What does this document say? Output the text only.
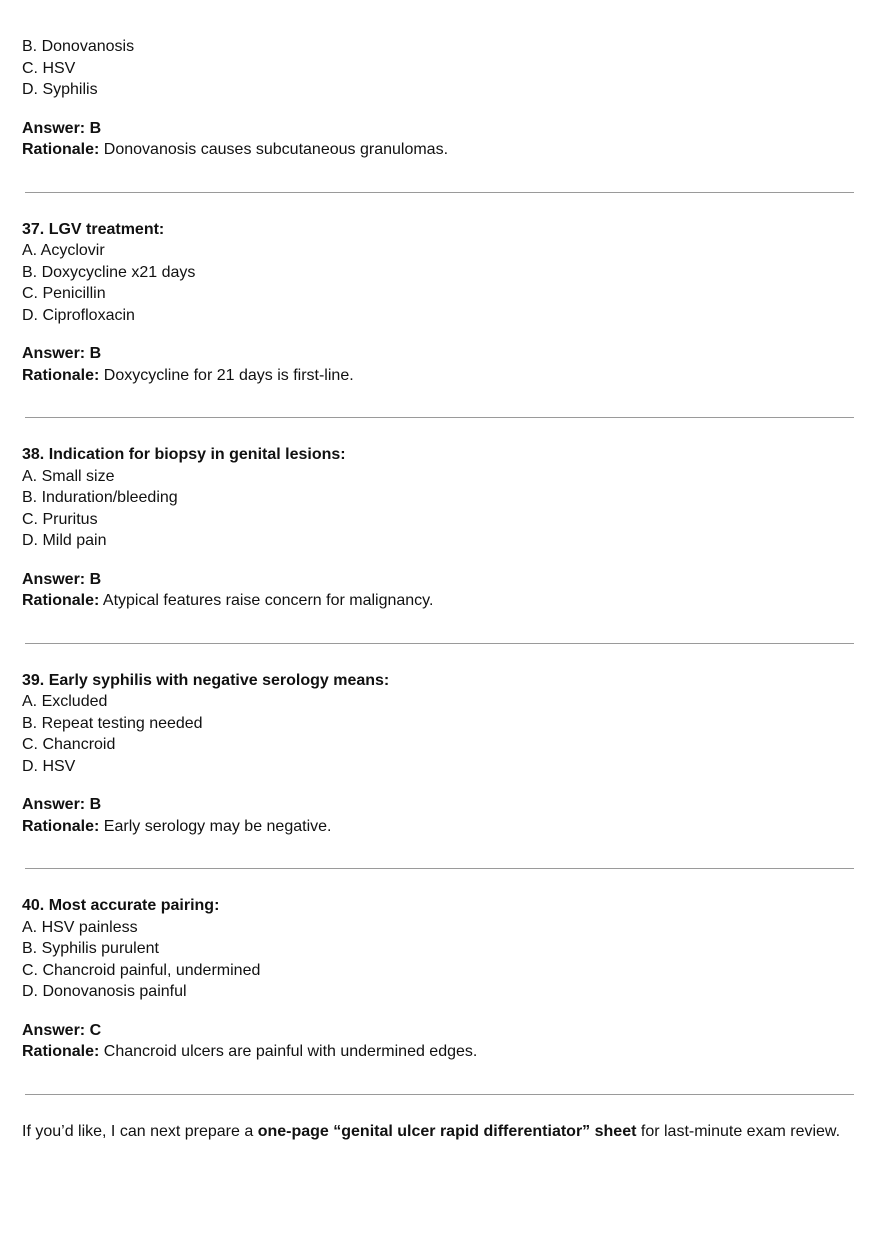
B. Donovanosis
C. HSV
D. Syphilis
Answer: B
Rationale: Donovanosis causes subcutaneous granulomas.
37. LGV treatment:
A. Acyclovir
B. Doxycycline x21 days
C. Penicillin
D. Ciprofloxacin
Answer: B
Rationale: Doxycycline for 21 days is first-line.
38. Indication for biopsy in genital lesions:
A. Small size
B. Induration/bleeding
C. Pruritus
D. Mild pain
Answer: B
Rationale: Atypical features raise concern for malignancy.
39. Early syphilis with negative serology means:
A. Excluded
B. Repeat testing needed
C. Chancroid
D. HSV
Answer: B
Rationale: Early serology may be negative.
40. Most accurate pairing:
A. HSV painless
B. Syphilis purulent
C. Chancroid painful, undermined
D. Donovanosis painful
Answer: C
Rationale: Chancroid ulcers are painful with undermined edges.
If you’d like, I can next prepare a one-page “genital ulcer rapid differentiator” sheet for last-minute exam review.
